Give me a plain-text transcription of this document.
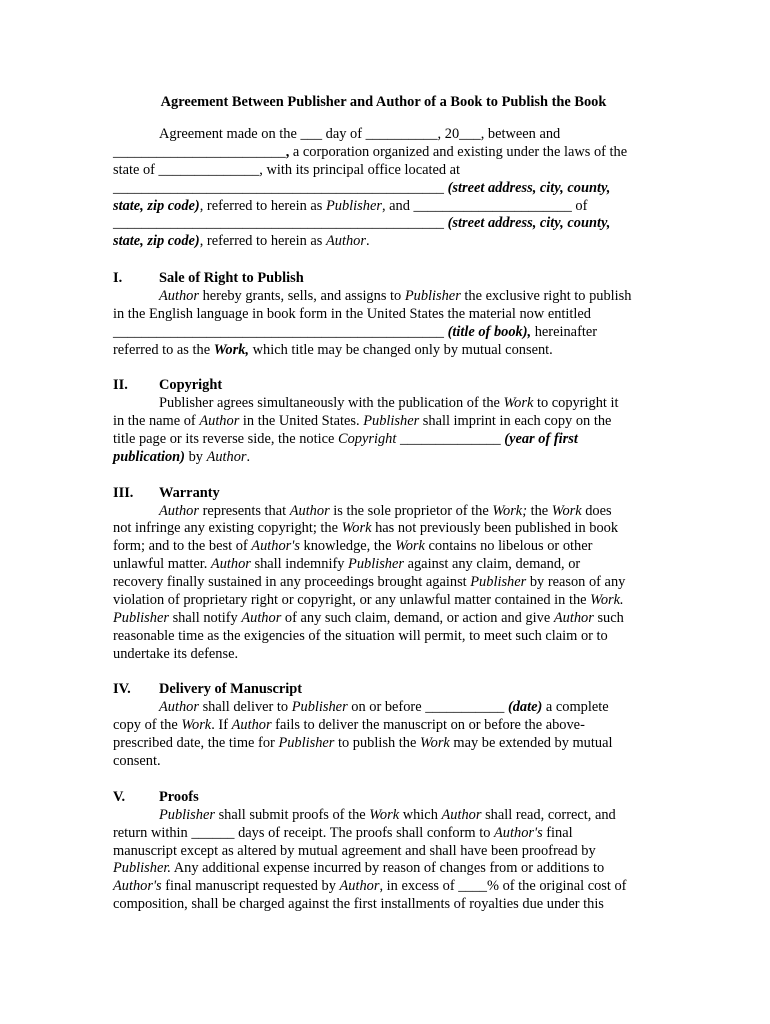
Agreement Between Publisher and Author of a Book to Publish the Book
Agreement made on the ___ day of __________, 20___, between and
________________________, a corporation organized and existing under the laws of the
state of ______________, with its principal office located at
______________________________________________ (street address, city, county,
state, zip code), referred to herein as Publisher, and ______________________ of
______________________________________________ (street address, city, county,
state, zip code), referred to herein as Author.
I.	Sale of Right to Publish
Author hereby grants, sells, and assigns to Publisher the exclusive right to publish
in the English language in book form in the United States the material now entitled
______________________________________________ (title of book), hereinafter
referred to as the Work, which title may be changed only by mutual consent.
II. Copyright
Publisher agrees simultaneously with the publication of the Work to copyright it
in the name of Author in the United States. Publisher shall imprint in each copy on the
title page or its reverse side, the notice Copyright ______________ (year of first
publication) by Author.
III. Warranty
Author represents that Author is the sole proprietor of the Work; the Work does
not infringe any existing copyright; the Work has not previously been published in book
form; and to the best of Author's knowledge, the Work contains no libelous or other
unlawful matter. Author shall indemnify Publisher against any claim, demand, or
recovery finally sustained in any proceedings brought against Publisher by reason of any
violation of proprietary right or copyright, or any unlawful matter contained in the Work.
Publisher shall notify Author of any such claim, demand, or action and give Author such
reasonable time as the exigencies of the situation will permit, to meet such claim or to
undertake its defense.
IV. Delivery of Manuscript
Author shall deliver to Publisher on or before ___________ (date) a complete
copy of the Work. If Author fails to deliver the manuscript on or before the above-
prescribed date, the time for Publisher to publish the Work may be extended by mutual
consent.
V. Proofs
Publisher shall submit proofs of the Work which Author shall read, correct, and
return within ______ days of receipt. The proofs shall conform to Author's final
manuscript except as altered by mutual agreement and shall have been proofread by
Publisher. Any additional expense incurred by reason of changes from or additions to
Author's final manuscript requested by Author, in excess of ____% of the original cost of
composition, shall be charged against the first installments of royalties due under this
